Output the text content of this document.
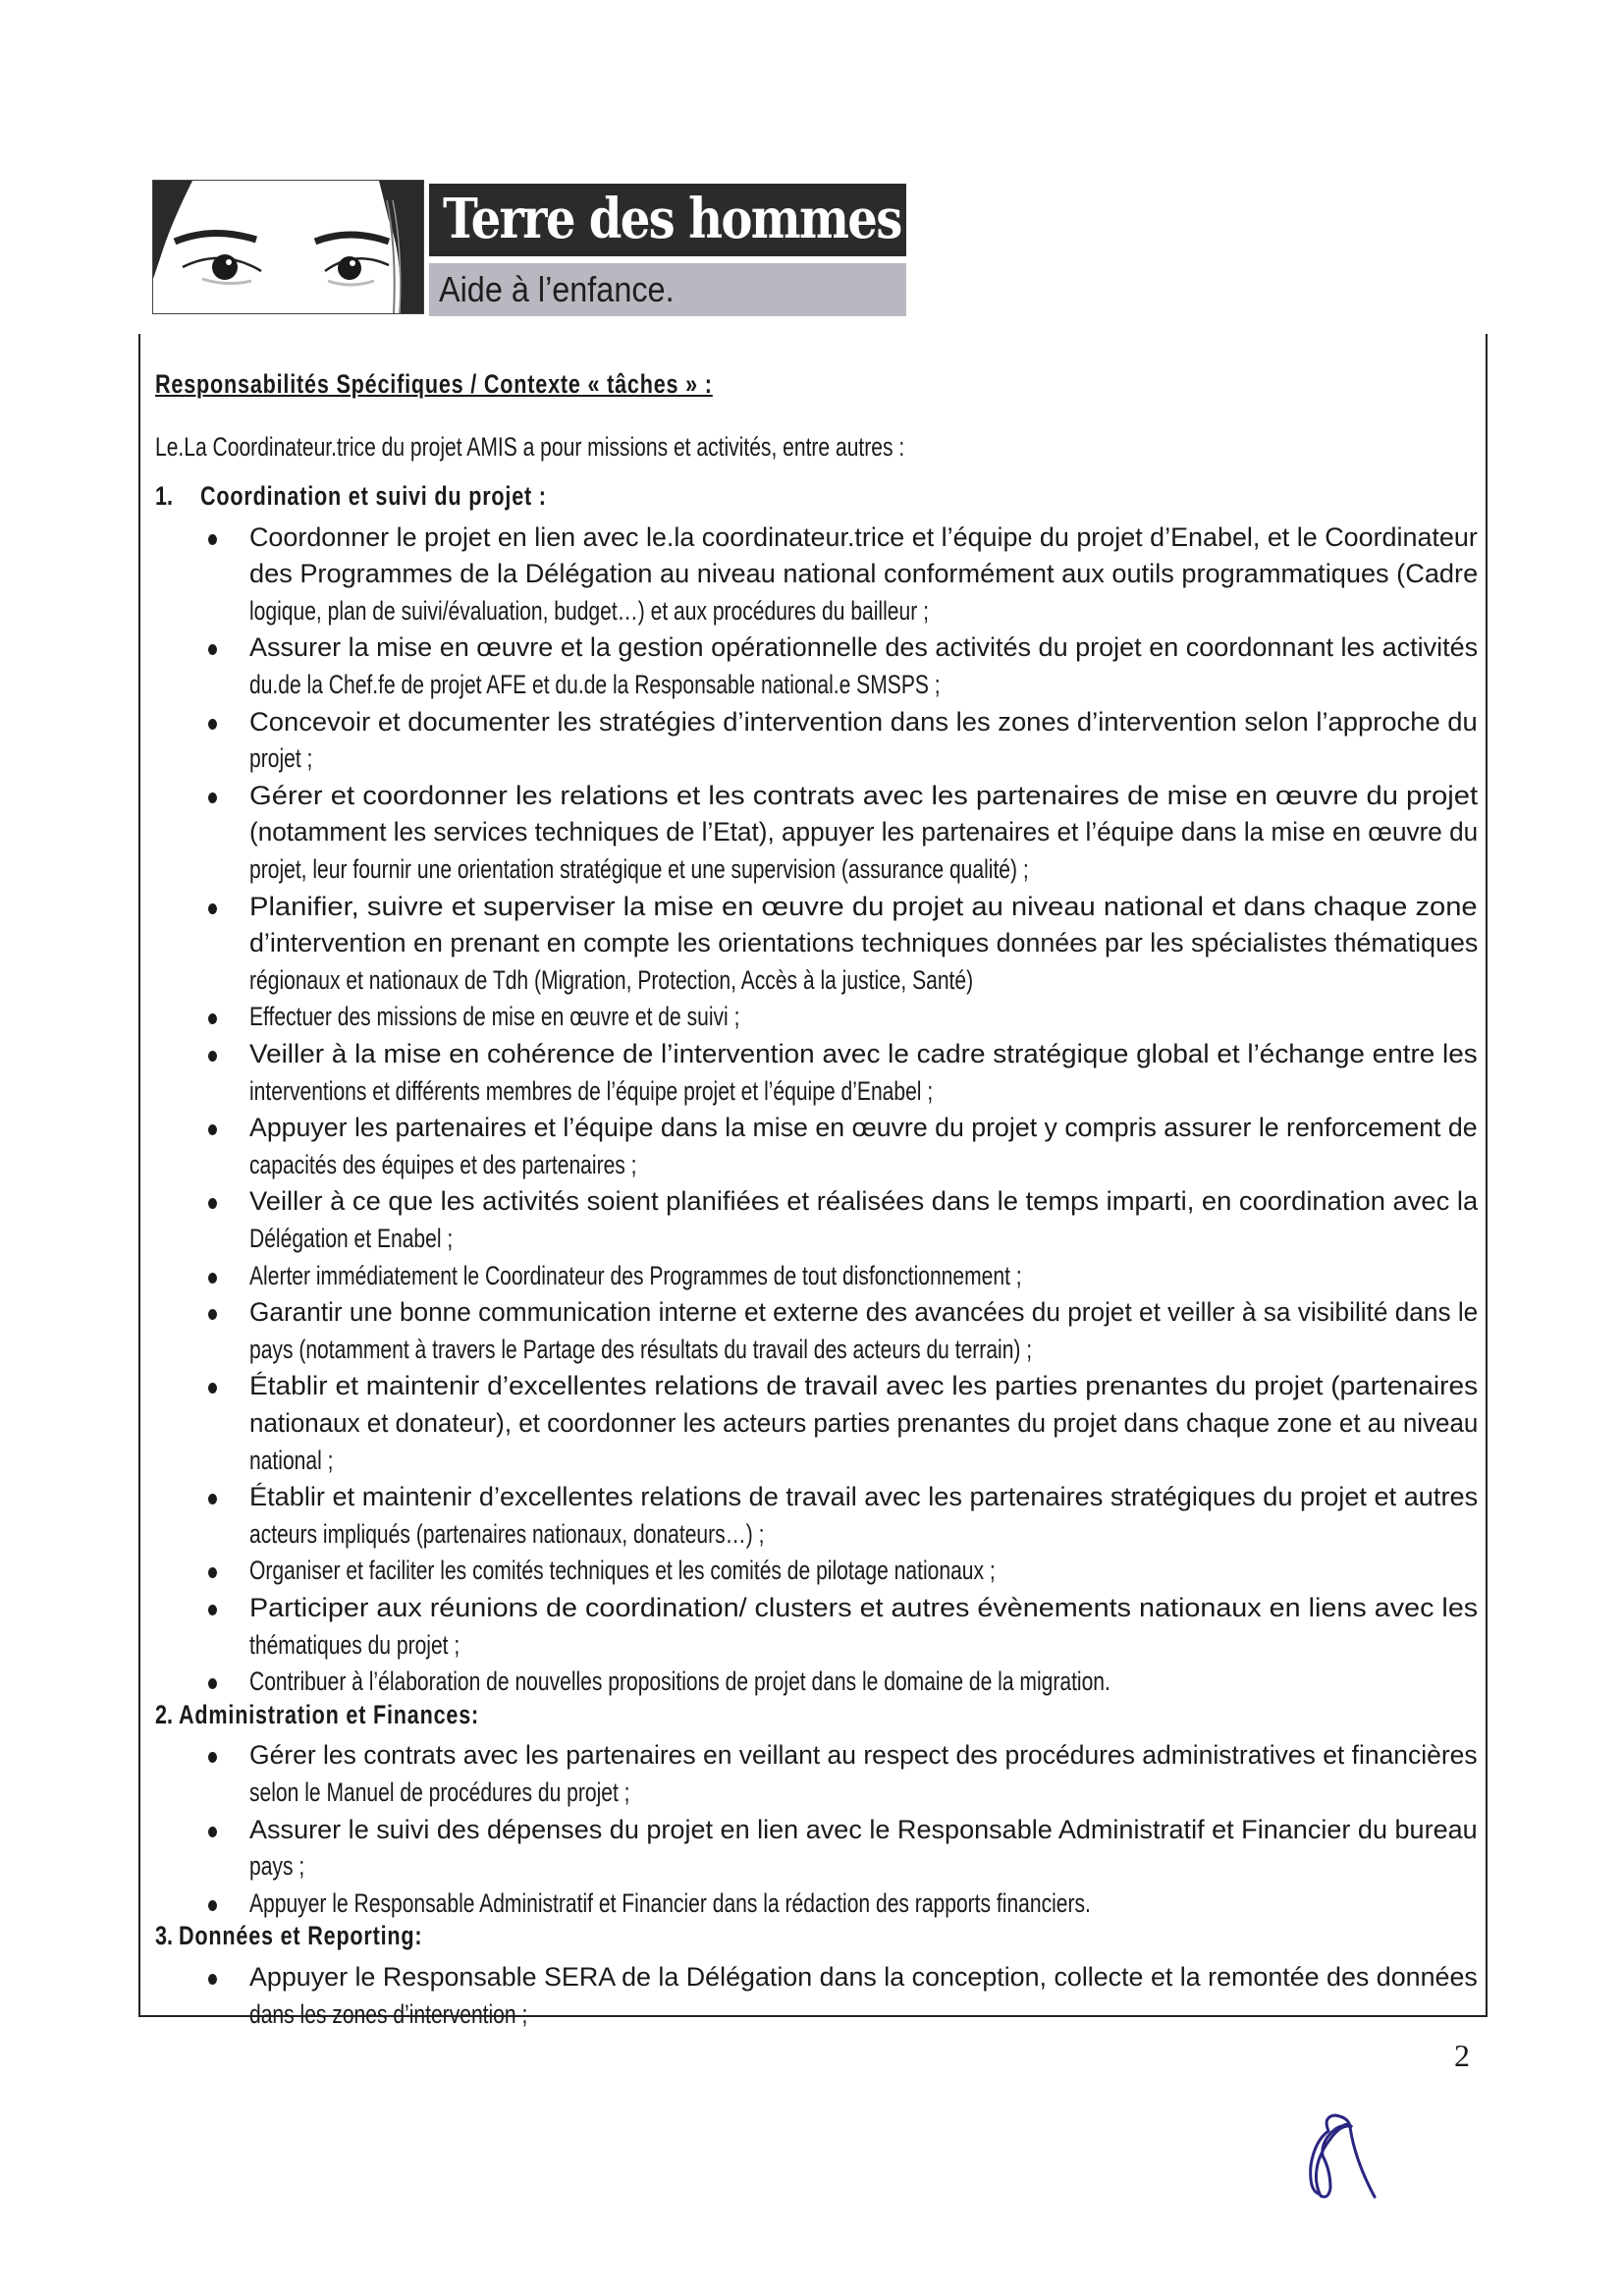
Terre des hommes
Aide à l’enfance.
Responsabilités Spécifiques / Contexte « tâches » :
Le.La Coordinateur.trice du projet AMIS a pour missions et activités, entre autres :
1. Coordination et suivi du projet :
Coordonner le projet en lien avec le.la coordinateur.trice et l’équipe du projet d’Enabel, et le Coordinateur
des Programmes de la Délégation au niveau national conformément aux outils programmatiques (Cadre
logique, plan de suivi/évaluation, budget…) et aux procédures du bailleur ;
Assurer la mise en œuvre et la gestion opérationnelle des activités du projet en coordonnant les activités
du.de la Chef.fe de projet AFE et du.de la Responsable national.e SMSPS ;
Concevoir et documenter les stratégies d’intervention dans les zones d’intervention selon l’approche du
projet ;
Gérer et coordonner les relations et les contrats avec les partenaires de mise en œuvre du projet
(notamment les services techniques de l’Etat), appuyer les partenaires et l’équipe dans la mise en œuvre du
projet, leur fournir une orientation stratégique et une supervision (assurance qualité) ;
Planifier, suivre et superviser la mise en œuvre du projet au niveau national et dans chaque zone
d’intervention en prenant en compte les orientations techniques données par les spécialistes thématiques
régionaux et nationaux de Tdh (Migration, Protection, Accès à la justice, Santé)
Effectuer des missions de mise en œuvre et de suivi ;
Veiller à la mise en cohérence de l’intervention avec le cadre stratégique global et l’échange entre les
interventions et différents membres de l’équipe projet et l’équipe d’Enabel ;
Appuyer les partenaires et l’équipe dans la mise en œuvre du projet y compris assurer le renforcement de
capacités des équipes et des partenaires ;
Veiller à ce que les activités soient planifiées et réalisées dans le temps imparti, en coordination avec la
Délégation et Enabel ;
Alerter immédiatement le Coordinateur des Programmes de tout disfonctionnement ;
Garantir une bonne communication interne et externe des avancées du projet et veiller à sa visibilité dans le
pays (notamment à travers le Partage des résultats du travail des acteurs du terrain) ;
Établir et maintenir d’excellentes relations de travail avec les parties prenantes du projet (partenaires
nationaux et donateur), et coordonner les acteurs parties prenantes du projet dans chaque zone et au niveau
national ;
Établir et maintenir d’excellentes relations de travail avec les partenaires stratégiques du projet et autres
acteurs impliqués (partenaires nationaux, donateurs…) ;
Organiser et faciliter les comités techniques et les comités de pilotage nationaux ;
Participer aux réunions de coordination/ clusters et autres évènements nationaux en liens avec les
thématiques du projet ;
Contribuer à l’élaboration de nouvelles propositions de projet dans le domaine de la migration.
2. Administration et Finances:
Gérer les contrats avec les partenaires en veillant au respect des procédures administratives et financières
selon le Manuel de procédures du projet ;
Assurer le suivi des dépenses du projet en lien avec le Responsable Administratif et Financier du bureau
pays ;
Appuyer le Responsable Administratif et Financier dans la rédaction des rapports financiers.
3. Données et Reporting:
Appuyer le Responsable SERA de la Délégation dans la conception, collecte et la remontée des données
dans les zones d’intervention ;
2
